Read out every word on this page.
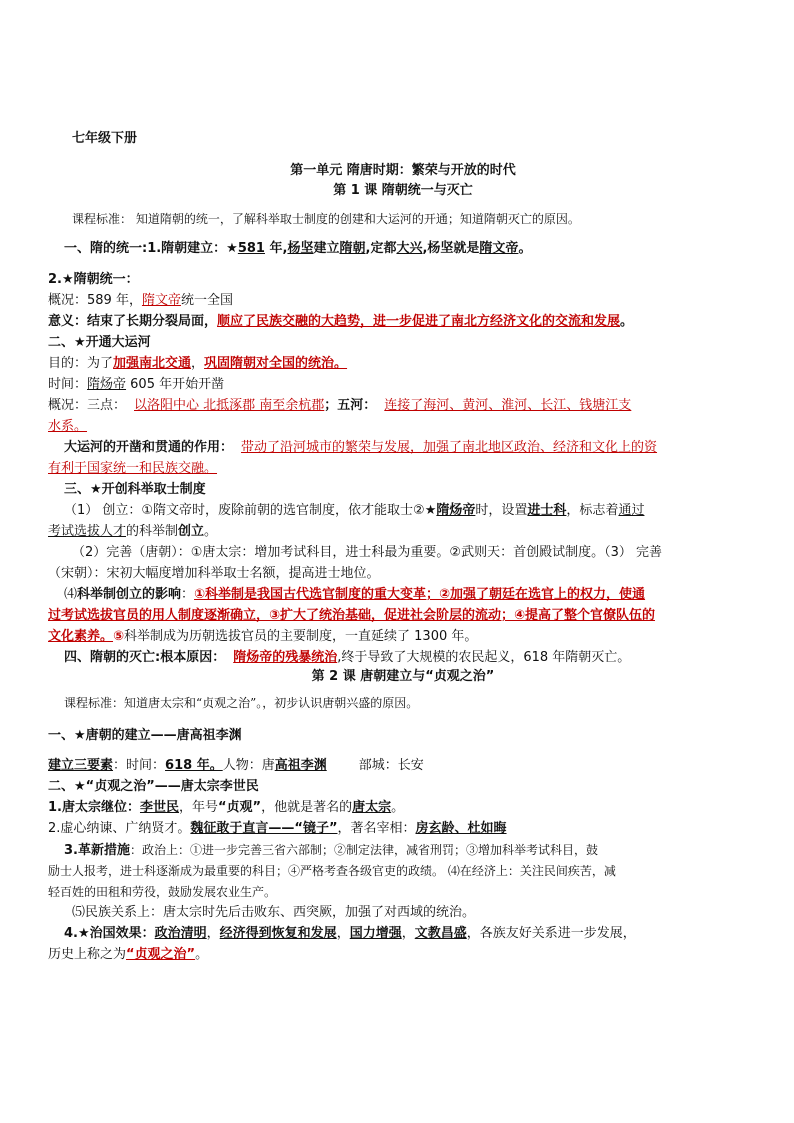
七年级下册
第一单元 隋唐时期：繁荣与开放的时代
第 1 课 隋朝统一与灭亡
课程标准： 知道隋朝的统一，了解科举取士制度的创建和大运河的开通；知道隋朝灭亡的原因。
一、隋的统一:1.隋朝建立：★581 年,杨坚建立隋朝,定都大兴,杨坚就是隋文帝。
2.★隋朝统一：
概况：589 年，隋文帝统一全国
意义：结束了长期分裂局面，顺应了民族交融的大趋势，进一步促进了南北方经济文化的交流和发展。
二、★开通大运河
目的：为了加强南北交通，巩固隋朝对全国的统治。
时间：隋炀帝 605 年开始开凿
概况：三点： 以洛阳中心 北抵涿郡 南至余杭郡；五河： 连接了海河、黄河、淮河、长江、钱塘江支
水系。
大运河的开凿和贯通的作用： 带动了沿河城市的繁荣与发展，加强了南北地区政治、经济和文化上的资
有利于国家统一和民族交融。
三、★开创科举取士制度
（1） 创立：①隋文帝时，废除前朝的选官制度，依才能取士②★隋炀帝时，设置进士科，标志着通过
考试选拔人才的科举制创立。
（2）完善（唐朝）：①唐太宗：增加考试科目，进士科最为重要。②武则天：首创殿试制度。（3） 完善
（宋朝）：宋初大幅度增加科举取士名额，提高进士地位。
⑷科举制创立的影响：①科举制是我国古代选官制度的重大变革；②加强了朝廷在选官上的权力，使通
过考试选拔官员的用人制度逐渐确立，③扩大了统治基础，促进社会阶层的流动；④提高了整个官僚队伍的
文化素养。⑤科举制成为历朝选拔官员的主要制度，一直延续了 1300 年。
四、隋朝的灭亡:根本原因： 隋炀帝的残暴统治,终于导致了大规模的农民起义，618 年隋朝灭亡。
第 2 课 唐朝建立与“贞观之治”
课程标准：知道唐太宗和“贞观之治”。，初步认识唐朝兴盛的原因。
一、★唐朝的建立——唐高祖李渊
建立三要素：时间：618 年。人物：唐高祖李渊 部城：长安
二、★“贞观之治”——唐太宗李世民
1.唐太宗继位：李世民，年号“贞观”，他就是著名的唐太宗。
2.虚心纳谏、广纳贤才。魏征敢于直言——“镜子”，著名宰相：房玄龄、杜如晦
3.革新措施：政治上：①进一步完善三省六部制；②制定法律，减省刑罚；③增加科举考试科目，鼓
励士人报考，进士科逐渐成为最重要的科目；④严格考查各级官吏的政绩。 ⑷在经济上：关注民间疾苦，减
轻百姓的田租和劳役，鼓励发展农业生产。
⑸民族关系上：唐太宗时先后击败东、西突厥，加强了对西域的统治。
4.★治国效果：政治清明，经济得到恢复和发展，国力增强，文教昌盛，各族友好关系进一步发展，
历史上称之为“贞观之治”。
